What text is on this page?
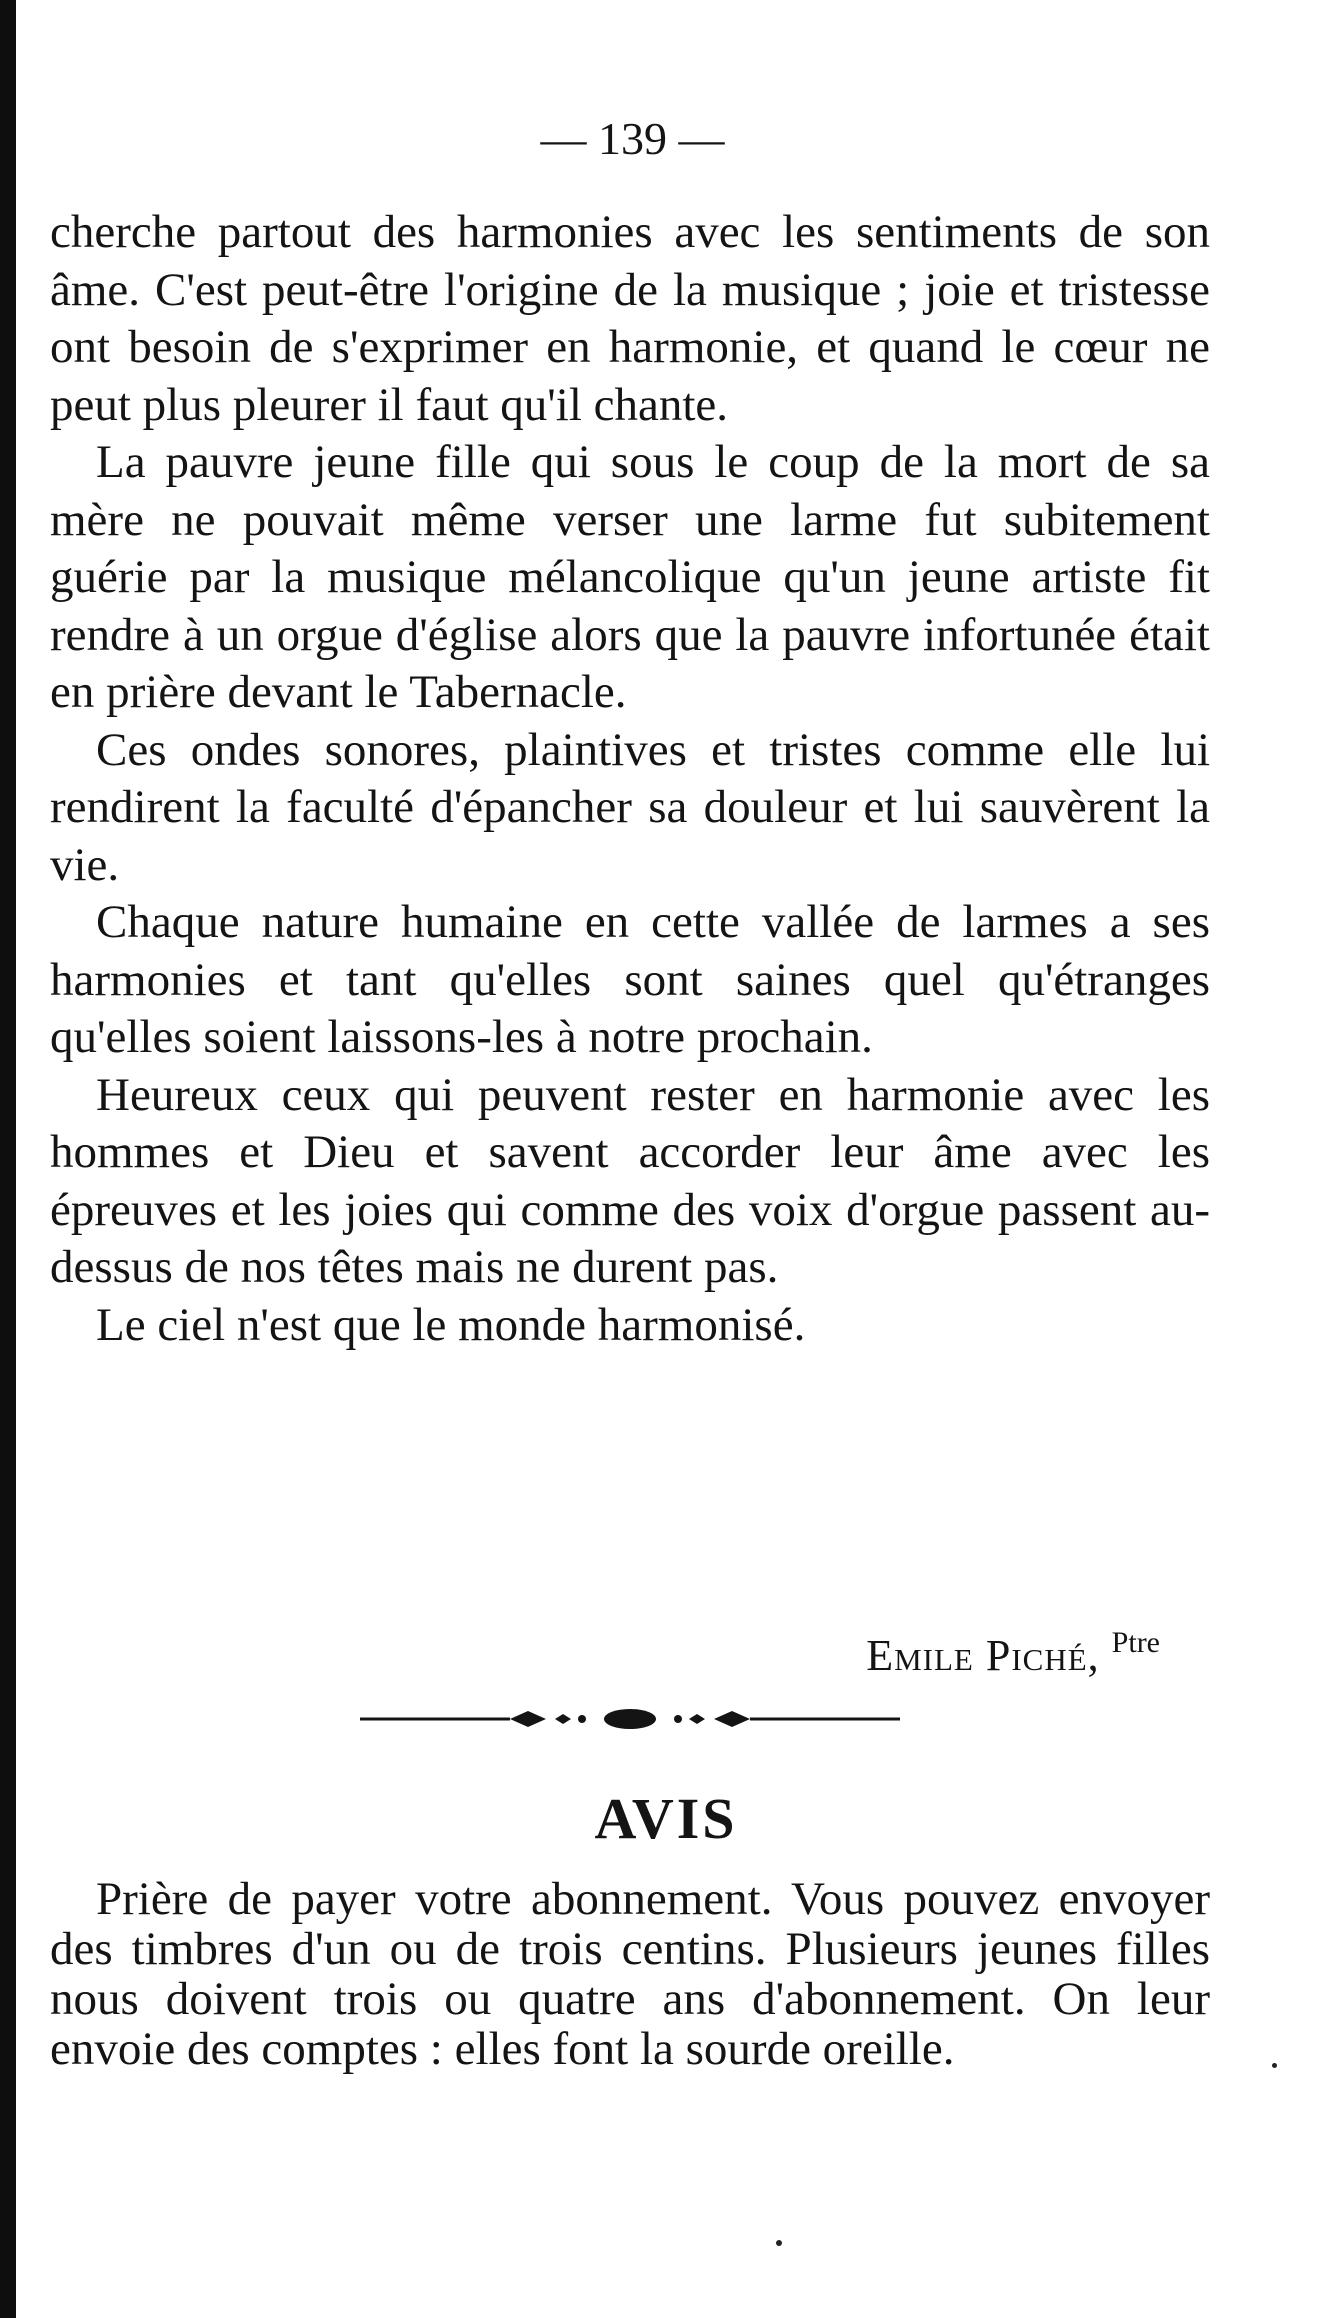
— 139 —

cherche partout des harmonies avec les sentiments de son âme. C'est peut-être l'origine de la musique ; joie et tristesse ont besoin de s'exprimer en harmonie, et quand le cœur ne peut plus pleurer il faut qu'il chante.

La pauvre jeune fille qui sous le coup de la mort de sa mère ne pouvait même verser une larme fut subitement guérie par la musique mélancolique qu'un jeune artiste fit rendre à un orgue d'église alors que la pauvre infortunée était en prière devant le Tabernacle.

Ces ondes sonores, plaintives et tristes comme elle lui rendirent la faculté d'épancher sa douleur et lui sauvèrent la vie.

Chaque nature humaine en cette vallée de larmes a ses harmonies et tant qu'elles sont saines quel qu'étranges qu'elles soient laissons-les à notre prochain.

Heureux ceux qui peuvent rester en harmonie avec les hommes et Dieu et savent accorder leur âme avec les épreuves et les joies qui comme des voix d'orgue passent au-dessus de nos têtes mais ne durent pas.

Le ciel n'est que le monde harmonisé.

Emile Piché, $^{Ptre}$
AVIS

Prière de payer votre abonnement. Vous pouvez envoyer des timbres d'un ou de trois centins. Plusieurs jeunes filles nous doivent trois ou quatre ans d'abonnement. On leur envoie des comptes : elles font la sourde oreille.
